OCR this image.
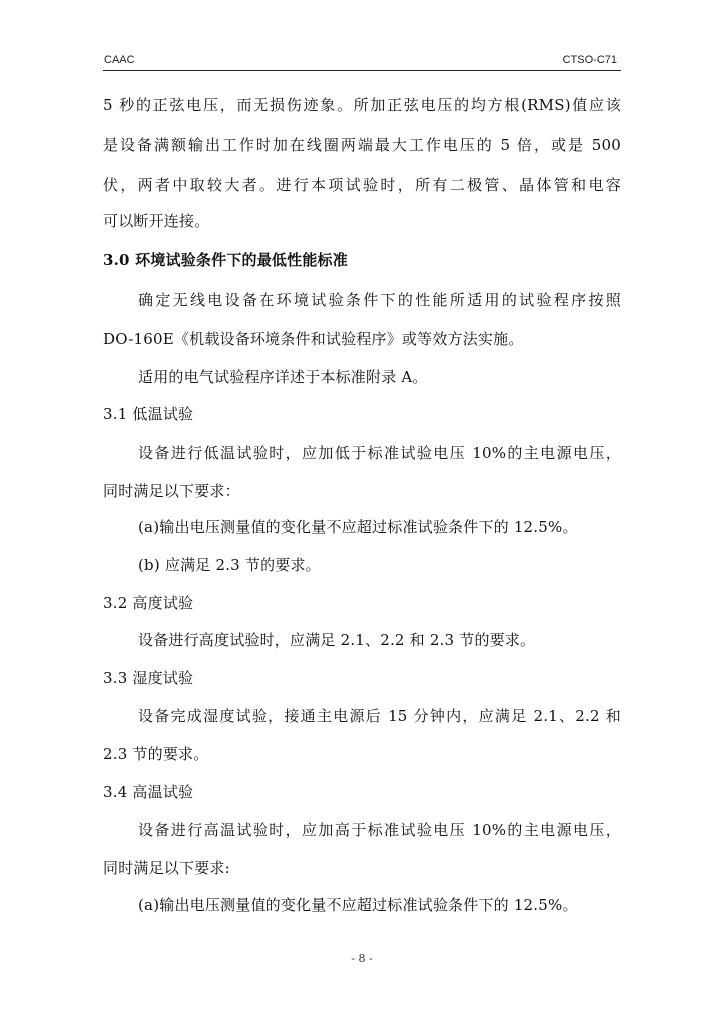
CAAC	CTSO-C71
5 秒的正弦电压，而无损伤迹象。所加正弦电压的均方根(RMS)值应该
是设备满额输出工作时加在线圈两端最大工作电压的 5 倍，或是 500
伏，两者中取较大者。进行本项试验时，所有二极管、晶体管和电容
可以断开连接。
3.0 环境试验条件下的最低性能标准
确定无线电设备在环境试验条件下的性能所适用的试验程序按照
DO-160E《机载设备环境条件和试验程序》或等效方法实施。
适用的电气试验程序详述于本标准附录 A。
3.1 低温试验
设备进行低温试验时，应加低于标准试验电压 10%的主电源电压，
同时满足以下要求：
(a)输出电压测量值的变化量不应超过标准试验条件下的 12.5%。
(b) 应满足 2.3 节的要求。
3.2 高度试验
设备进行高度试验时，应满足 2.1、2.2 和 2.3 节的要求。
3.3 湿度试验
设备完成湿度试验，接通主电源后 15 分钟内，应满足 2.1、2.2 和
2.3 节的要求。
3.4 高温试验
设备进行高温试验时，应加高于标准试验电压 10%的主电源电压，
同时满足以下要求:
(a)输出电压测量值的变化量不应超过标准试验条件下的 12.5%。
- 8 -
